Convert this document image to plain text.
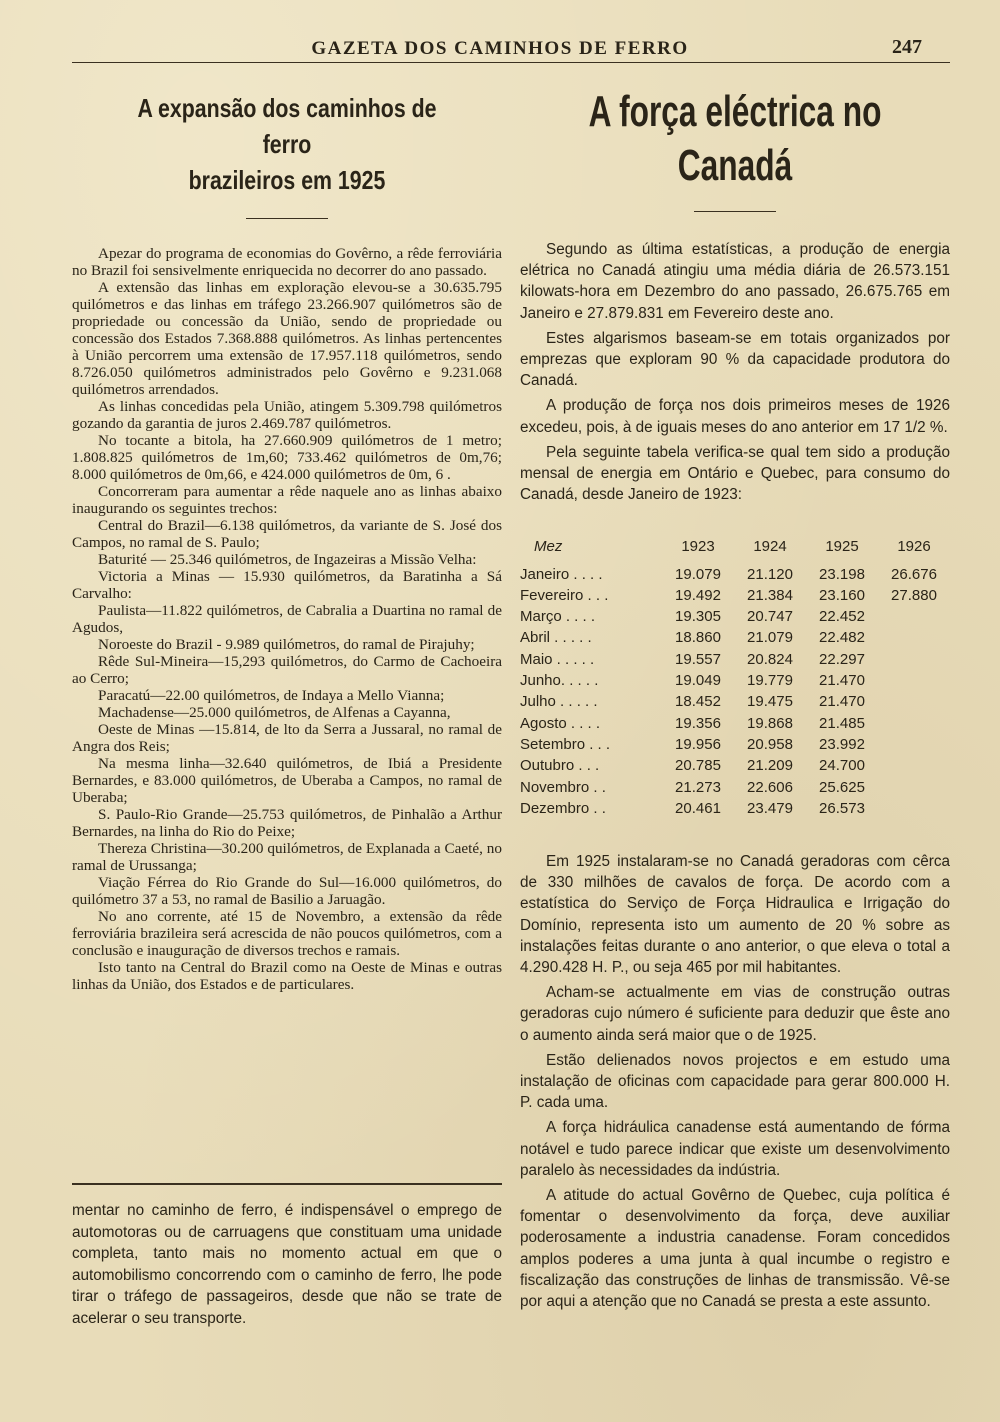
GAZETA DOS CAMINHOS DE FERRO	247
A expansão dos caminhos de ferro
brazileiros em 1925

Apezar do programa de economias do Govêrno, a rêde ferroviária no Brazil foi sensivelmente enriquecida no decorrer do ano passado.

A extensão das linhas em exploração elevou-se a 30.635.795 quilómetros e das linhas em tráfego 23.266.907 quilómetros são de propriedade ou concessão da União, sendo de propriedade ou concessão dos Estados 7.368.888 quilómetros. As linhas pertencentes à União percorrem uma extensão de 17.957.118 quilómetros, sendo 8.726.050 quilómetros administrados pelo Govêrno e 9.231.068 quilómetros arrendados.

As linhas concedidas pela União, atingem 5.309.798 quilómetros gozando da garantia de juros 2.469.787 quilómetros.

No tocante a bitola, ha 27.660.909 quilómetros de 1 metro; 1.808.825 quilómetros de 1m,60; 733.462 quilómetros de 0m,76; 8.000 quilómetros de 0m,66, e 424.000 quilómetros de 0m, 6 .

Concorreram para aumentar a rêde naquele ano as linhas abaixo inaugurando os seguintes trechos:

Central do Brazil—6.138 quilómetros, da variante de S. José dos Campos, no ramal de S. Paulo;

Baturité — 25.346 quilómetros, de Ingazeiras a Missão Velha:

Victoria a Minas — 15.930 quilómetros, da Baratinha a Sá Carvalho:

Paulista—11.822 quilómetros, de Cabralia a Duartina no ramal de Agudos,

Noroeste do Brazil - 9.989 quilómetros, do ramal de Pirajuhy;

Rêde Sul-Mineira—15,293 quilómetros, do Carmo de Cachoeira ao Cerro;

Paracatú—22.00 quilómetros, de Indaya a Mello Vianna;

Machadense—25.000 quilómetros, de Alfenas a Cayanna,

Oeste de Minas —15.814, de lto da Serra a Jussaral, no ramal de Angra dos Reis;

Na mesma linha—32.640 quilómetros, de Ibiá a Presidente Bernardes, e 83.000 quilómetros, de Uberaba a Campos, no ramal de Uberaba;

S. Paulo-Rio Grande—25.753 quilómetros, de Pinhalão a Arthur Bernardes, na linha do Rio do Peixe;

Thereza Christina—30.200 quilómetros, de Explanada a Caeté, no ramal de Urussanga;

Viação Férrea do Rio Grande do Sul—16.000 quilómetros, do quilómetro 37 a 53, no ramal de Basilio a Jaruagão.

No ano corrente, até 15 de Novembro, a extensão da rêde ferroviária brazileira será acrescida de não poucos quilómetros, com a conclusão e inauguração de diversos trechos e ramais.

Isto tanto na Central do Brazil como na Oeste de Minas e outras linhas da União, dos Estados e de particulares.

mentar no caminho de ferro, é indispensável o emprego de automotoras ou de carruagens que constituam uma unidade completa, tanto mais no momento actual em que o automobilismo concorrendo com o caminho de ferro, lhe pode tirar o tráfego de passageiros, desde que não se trate de acelerar o seu transporte.

A força eléctrica no Canadá

Segundo as última estatísticas, a produção de energia elétrica no Canadá atingiu uma média diária de 26.573.151 kilowats-hora em Dezembro do ano passado, 26.675.765 em Janeiro e 27.879.831 em Fevereiro deste ano.

Estes algarismos baseam-se em totais organizados por emprezas que exploram 90 % da capacidade produtora do Canadá.

A produção de força nos dois primeiros meses de 1926 excedeu, pois, à de iguais meses do ano anterior em 17 1/2 %.

Pela seguinte tabela verifica-se qual tem sido a produção mensal de energia em Ontário e Quebec, para consumo do Canadá, desde Janeiro de 1923:

Mez	1923	1924	1925	1926
Janeiro . . . .	19.079	21.120	23.198	26.676
Fevereiro . . .	19.492	21.384	23.160	27.880
Março . . . .	19.305	20.747	22.452	
Abril . . . . .	18.860	21.079	22.482	
Maio . . . . .	19.557	20.824	22.297	
Junho. . . . .	19.049	19.779	21.470	
Julho . . . . .	18.452	19.475	21.470	
Agosto . . . .	19.356	19.868	21.485	
Setembro . . .	19.956	20.958	23.992	
Outubro . . .	20.785	21.209	24.700	
Novembro . .	21.273	22.606	25.625	
Dezembro . .	20.461	23.479	26.573	

Em 1925 instalaram-se no Canadá geradoras com cêrca de 330 milhões de cavalos de força. De acordo com a estatística do Serviço de Força Hidraulica e Irrigação do Domínio, representa isto um aumento de 20 % sobre as instalações feitas durante o ano anterior, o que eleva o total a 4.290.428 H. P., ou seja 465 por mil habitantes.

Acham-se actualmente em vias de construção outras geradoras cujo número é suficiente para deduzir que êste ano o aumento ainda será maior que o de 1925.

Estão delienados novos projectos e em estudo uma instalação de oficinas com capacidade para gerar 800.000 H. P. cada uma.

A força hidráulica canadense está aumentando de fórma notável e tudo parece indicar que existe um desenvolvimento paralelo às necessidades da indústria.

A atitude do actual Govêrno de Quebec, cuja política é fomentar o desenvolvimento da força, deve auxiliar poderosamente a industria canadense. Foram concedidos amplos poderes a uma junta à qual incumbe o registro e fiscalização das construções de linhas de transmissão. Vê-se por aqui a atenção que no Canadá se presta a este assunto.
